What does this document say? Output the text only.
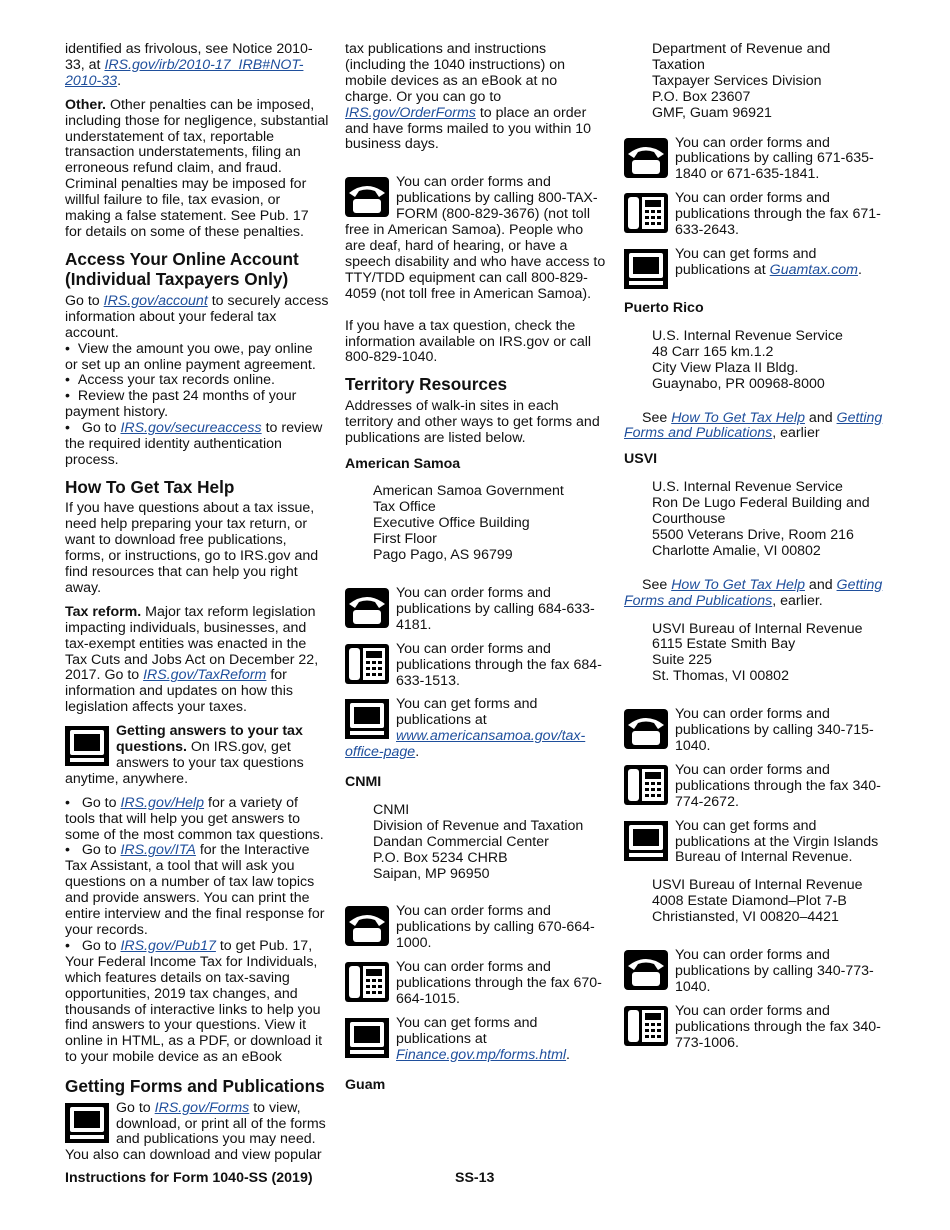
identified as frivolous, see Notice 2010-33, at IRS.gov/irb/2010-17_IRB#NOT-2010-33.

Other. Other penalties can be imposed, including those for negligence, substantial understatement of tax, reportable transaction understatements, filing an erroneous refund claim, and fraud. Criminal penalties may be imposed for willful failure to file, tax evasion, or making a false statement. See Pub. 17 for details on some of these penalties.

Access Your Online Account (Individual Taxpayers Only)

Go to IRS.gov/account to securely access information about your federal tax account.

•  View the amount you owe, pay online or set up an online payment agreement.

•  Access your tax records online.

•  Review the past 24 months of your payment history.

•  Go to IRS.gov/secureaccess to review the required identity authentication process.

How To Get Tax Help

If you have questions about a tax issue, need help preparing your tax return, or want to download free publications, forms, or instructions, go to IRS.gov and find resources that can help you right away.

Tax reform. Major tax reform legislation impacting individuals, businesses, and tax-exempt entities was enacted in the Tax Cuts and Jobs Act on December 22, 2017. Go to IRS.gov/TaxReform for information and updates on how this legislation affects your taxes.

Getting answers to your tax questions. On IRS.gov, get answers to your tax questions anytime, anywhere.

•  Go to IRS.gov/Help for a variety of tools that will help you get answers to some of the most common tax questions.

•  Go to IRS.gov/ITA for the Interactive Tax Assistant, a tool that will ask you questions on a number of tax law topics and provide answers. You can print the entire interview and the final response for your records.

•  Go to IRS.gov/Pub17 to get Pub. 17, Your Federal Income Tax for Individuals, which features details on tax-saving opportunities, 2019 tax changes, and thousands of interactive links to help you find answers to your questions. View it online in HTML, as a PDF, or download it to your mobile device as an eBook

Getting Forms and Publications
Go to IRS.gov/Forms to view, download, or print all of the forms and publications you may need. You also can download and view popular

tax publications and instructions (including the 1040 instructions) on mobile devices as an eBook at no charge. Or you can go to IRS.gov/OrderForms to place an order and have forms mailed to you within 10 business days.

You can order forms and publications by calling 800-TAX-FORM (800-829-3676) (not toll free in American Samoa). People who are deaf, hard of hearing, or have a speech disability and who have access to TTY/TDD equipment can call 800-829-4059 (not toll free in American Samoa).

If you have a tax question, check the information available on IRS.gov or call 800-829-1040.

Territory Resources

Addresses of walk-in sites in each territory and other ways to get forms and publications are listed below.

American Samoa
American Samoa Government
Tax Office
Executive Office Building
First Floor
Pago Pago, AS 96799
You can order forms and publications by calling 684-633-4181.
You can order forms and publications through the fax 684-633-1513.
You can get forms and publications at www.americansamoa.gov/tax-office-page.
CNMI
CNMI
Division of Revenue and Taxation
Dandan Commercial Center
P.O. Box 5234 CHRB
Saipan, MP 96950
You can order forms and publications by calling 670-664-1000.
You can order forms and publications through the fax 670-664-1015.
You can get forms and publications at Finance.gov.mp/forms.html.
Guam
Department of Revenue and Taxation
Taxpayer Services Division
P.O. Box 23607
GMF, Guam 96921
You can order forms and publications by calling 671-635-1840 or 671-635-1841.
You can order forms and publications through the fax 671-633-2643.
You can get forms and publications at Guamtax.com.
Puerto Rico
U.S. Internal Revenue Service
48 Carr 165 km.1.2
City View Plaza II Bldg.
Guaynabo, PR 00968-8000

See How To Get Tax Help and Getting Forms and Publications, earlier

USVI
U.S. Internal Revenue Service
Ron De Lugo Federal Building and Courthouse
5500 Veterans Drive, Room 216
Charlotte Amalie, VI 00802

See How To Get Tax Help and Getting Forms and Publications, earlier.

USVI Bureau of Internal Revenue
6115 Estate Smith Bay
Suite 225
St. Thomas, VI 00802
You can order forms and publications by calling 340-715-1040.
You can order forms and publications through the fax 340-774-2672.
You can get forms and publications at the Virgin Islands Bureau of Internal Revenue.
USVI Bureau of Internal Revenue
4008 Estate Diamond–Plot 7-B
Christiansted, VI 00820–4421
You can order forms and publications by calling 340-773-1040.
You can order forms and publications through the fax 340-773-1006.
Instructions for Form 1040-SS (2019)	SS-13
